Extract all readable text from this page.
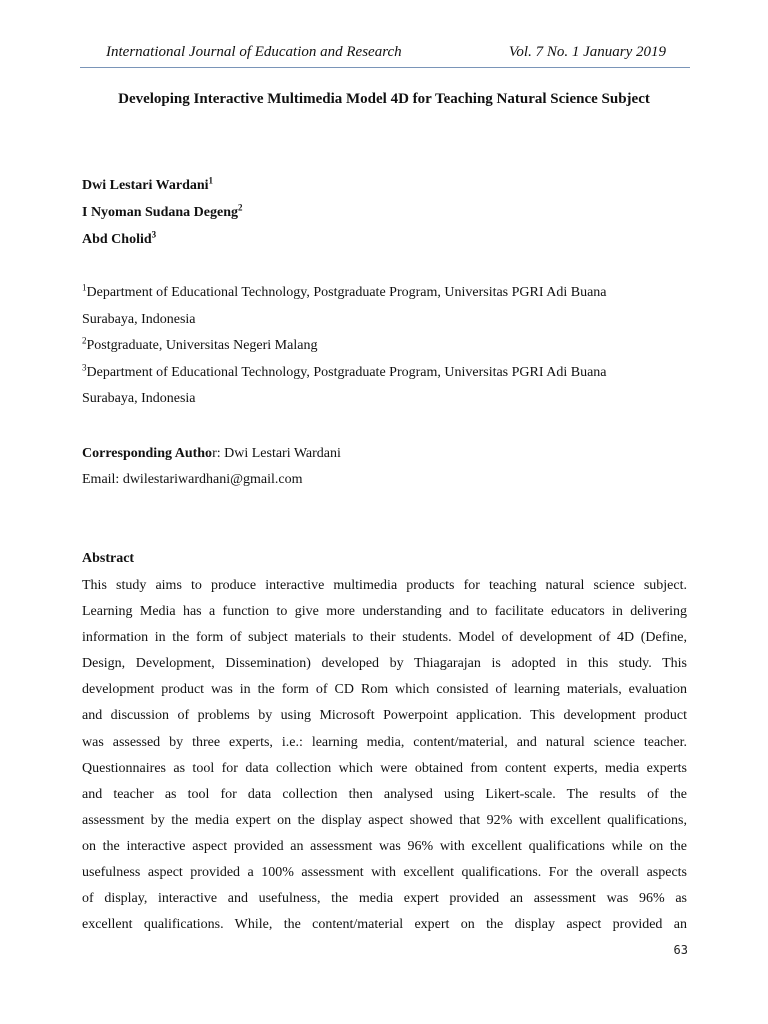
International Journal of Education and Research	Vol. 7 No. 1 January 2019
Developing Interactive Multimedia Model 4D for Teaching Natural Science Subject
Dwi Lestari Wardani$^1$
I Nyoman Sudana Degeng$^2$
Abd Cholid$^3$
$^1$Department of Educational Technology, Postgraduate Program, Universitas PGRI Adi Buana
Surabaya, Indonesia
$^2$Postgraduate, Universitas Negeri Malang
$^3$Department of Educational Technology, Postgraduate Program, Universitas PGRI Adi Buana
Surabaya, Indonesia
Corresponding Author: Dwi Lestari Wardani
Email: dwilestariwardhani@gmail.com
Abstract
This study aims to produce interactive multimedia products for teaching natural science subject.
Learning Media has a function to give more understanding and to facilitate educators in delivering
information in the form of subject materials to their students. Model of development of 4D (Define,
Design, Development, Dissemination) developed by Thiagarajan is adopted in this study. This
development product was in the form of CD Rom which consisted of learning materials, evaluation
and discussion of problems by using Microsoft Powerpoint application. This development product
was assessed by three experts, i.e.: learning media, content/material, and natural science teacher.
Questionnaires as tool for data collection which were obtained from content experts, media experts
and teacher as tool for data collection then analysed using Likert-scale. The results of the
assessment by the media expert on the display aspect showed that 92% with excellent qualifications,
on the interactive aspect provided an assessment was 96% with excellent qualifications while on the
usefulness aspect provided a 100% assessment with excellent qualifications. For the overall aspects
of display, interactive and usefulness, the media expert provided an assessment was 96% as
excellent qualifications. While, the content/material expert on the display aspect provided an
63
